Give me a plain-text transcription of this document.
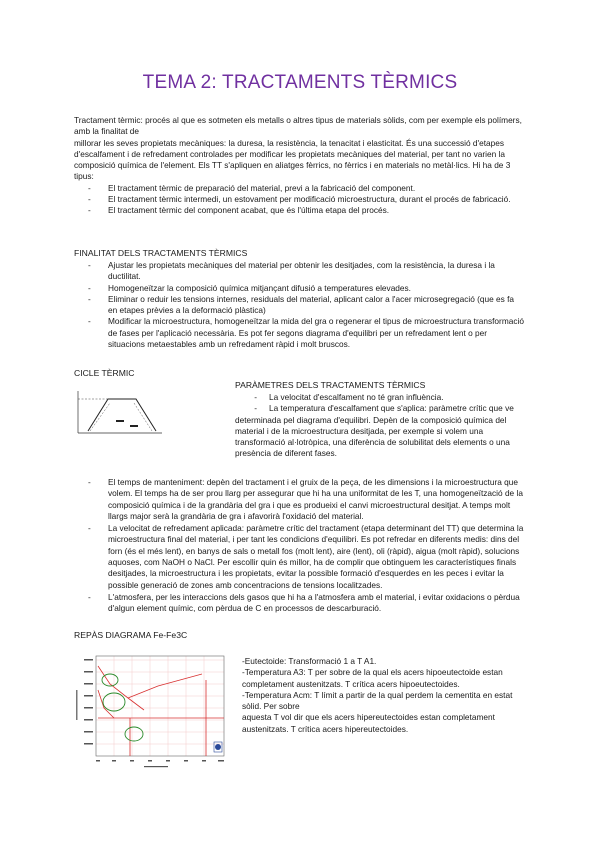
TEMA 2: TRACTAMENTS TÈRMICS

Tractament tèrmic: procés al que es sotmeten els metalls o altres tipus de materials sòlids, com per exemple els polímers, amb la finalitat de

millorar les seves propietats mecàniques: la duresa, la resistència, la tenacitat i elasticitat. És una successió d'etapes d'escalfament i de refredament controlades per modificar les propietats mecàniques del material, per tant no varien la composició química de l'element. Els TT s'apliquen en aliatges fèrrics, no fèrrics i en materials no metàl·lics. Hi ha de 3 tipus:

- El tractament tèrmic de preparació del material, previ a la fabricació del component.
- El tractament tèrmic intermedi, un estovament per modificació microestructura, durant el procés de fabricació.
- El tractament tèrmic del component acabat, que és l'última etapa del procés.
FINALITAT DELS TRACTAMENTS TÈRMICS
- Ajustar les propietats mecàniques del material per obtenir les desitjades, com la resistència, la duresa i la ductilitat.
- Homogeneïtzar la composició química mitjançant difusió a temperatures elevades.
- Eliminar o reduir les tensions internes, residuals del material, aplicant calor a l'acer microsegregació (que es fa en etapes prèvies a la deformació plàstica)
- Modificar la microestructura, homogeneïtzar la mida del gra o regenerar el tipus de microestructura transformació de fases per l'aplicació necessària. Es pot fer segons diagrama d'equilibri per un refredament lent o per situacions metaestables amb un refredament ràpid i molt bruscos.
CICLE TÈRMIC
PARÀMETRES DELS TRACTAMENTS TÈRMICS

- La velocitat d'escalfament no té gran influència.

- La temperatura d'escalfament que s'aplica: paràmetre crític que ve determinada pel diagrama d'equilibri. Depèn de la composició química del material i de la microestructura desitjada, per exemple si volem una transformació al·lotròpica, una diferència de solubilitat dels elements o una presència de diferent fases.

- El temps de manteniment: depèn del tractament i el gruix de la peça, de les dimensions i la microestructura que volem. El temps ha de ser prou llarg per assegurar que hi ha una uniformitat de les T, una homogeneïtzació de la composició química i de la grandària del gra i que es produeixi el canvi microestructural desitjat. A temps molt llargs major serà la grandària de gra i afavorirà l'oxidació del material.
- La velocitat de refredament aplicada: paràmetre crític del tractament (etapa determinant del TT) que determina la microestructura final del material, i per tant les condicions d'equilibri. Es pot refredar en diferents medis: dins del forn (és el més lent), en banys de sals o metall fos (molt lent), aire (lent), oli (ràpid), aigua (molt ràpid), solucions aquoses, com NaOH o NaCl. Per escollir quin és millor, ha de complir que obtinguem les característiques finals desitjades, la microestructura i les propietats, evitar la possible formació d'esquerdes en les peces i evitar la possible generació de zones amb concentracions de tensions localitzades.
- L'atmosfera, per les interaccions dels gasos que hi ha a l'atmosfera amb el material, i evitar oxidacions o pèrdua d'algun element químic, com pèrdua de C en processos de descarburació.
REPÀS DIAGRAMA Fe-Fe3C

-Eutectoide: Transformació 1 a T A1.

-Temperatura A3: T per sobre de la qual els acers hipoeutectoide estan completament austenitzats. T crítica acers hipoeutectoides.

-Temperatura Acm: T límit a partir de la qual perdem la cementita en estat sòlid. Per sobre

aquesta T vol dir que els acers hipereutectoides estan completament austenitzats. T crítica acers hipereutectoides.
